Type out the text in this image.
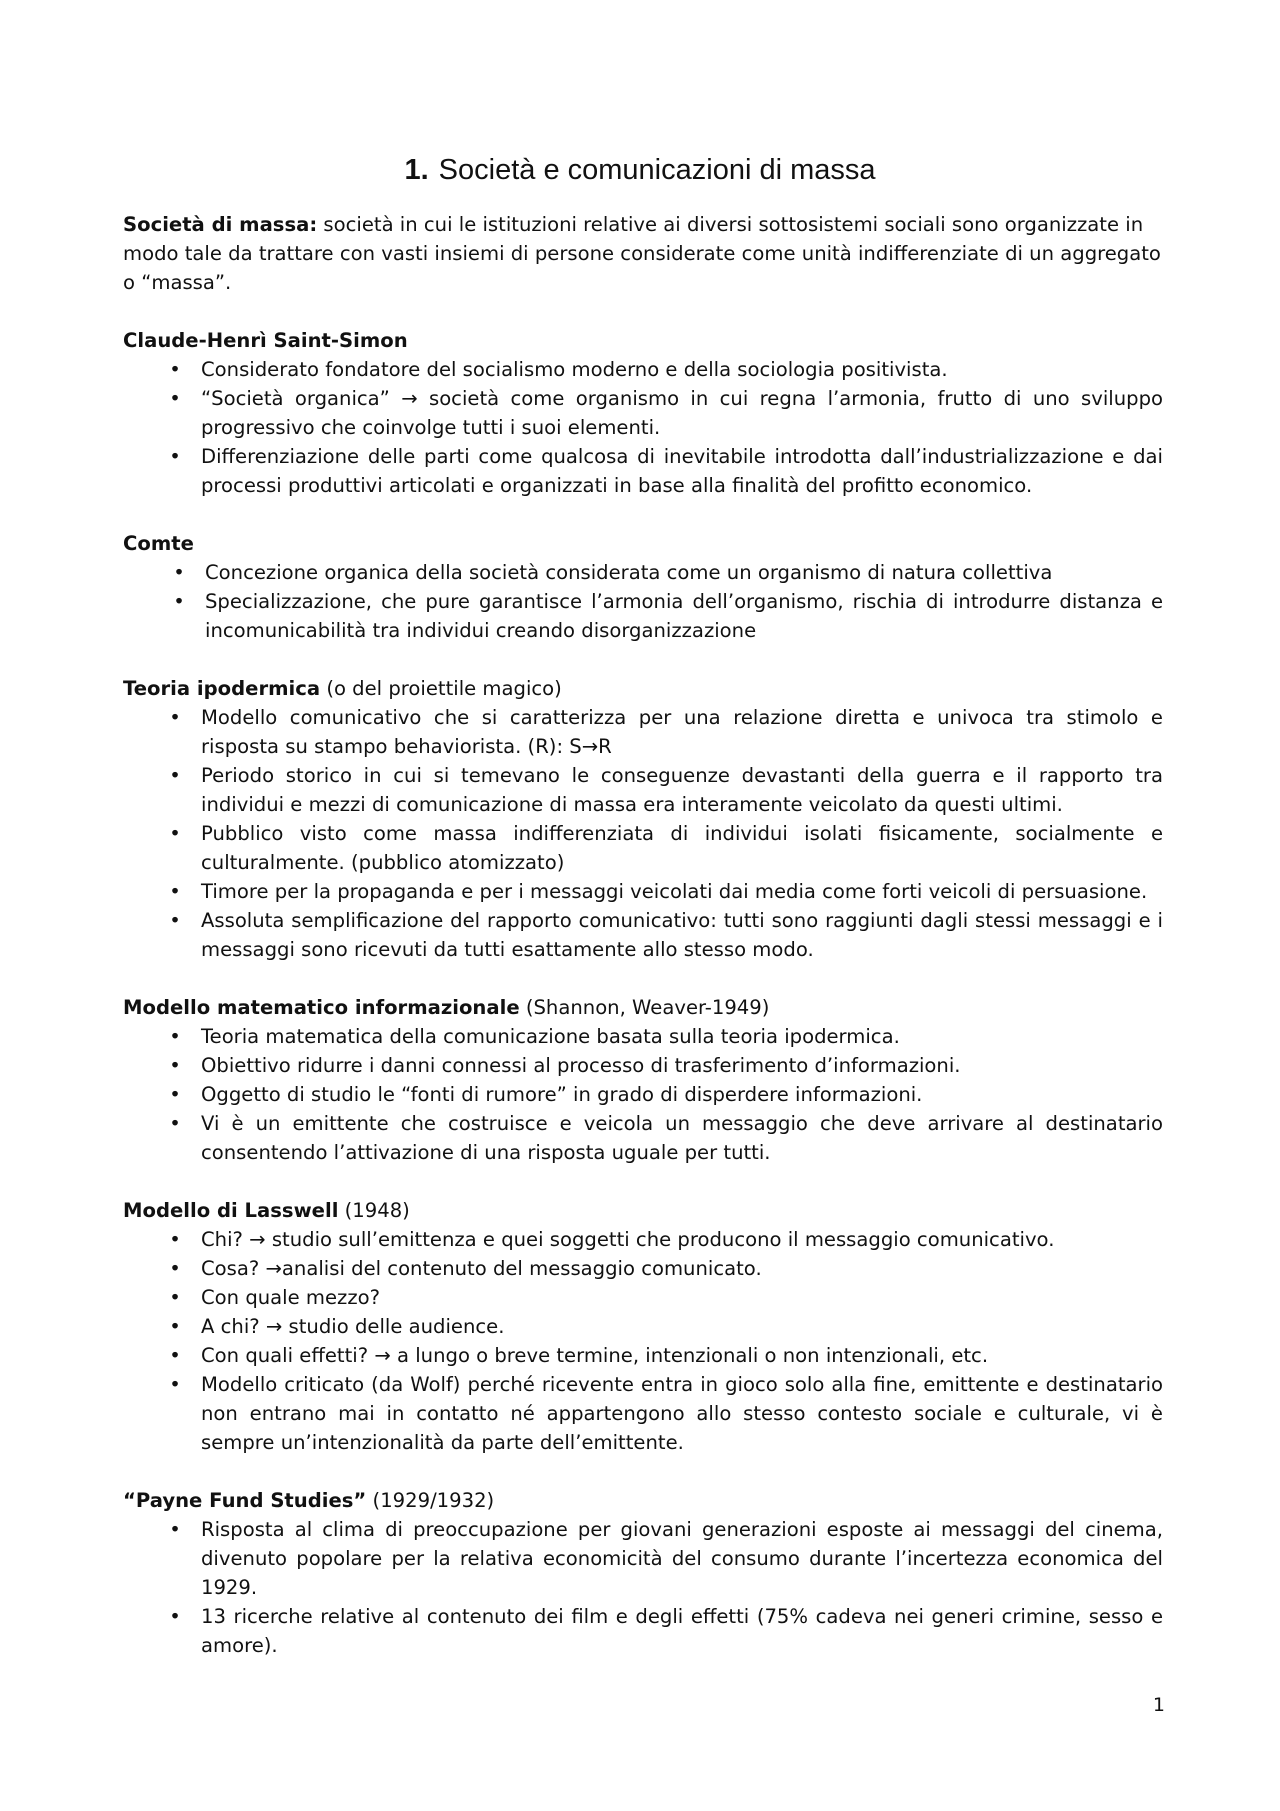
1. Società e comunicazioni di massa

Società di massa: società in cui le istituzioni relative ai diversi sottosistemi sociali sono organizzate in modo tale da trattare con vasti insiemi di persone considerate come unità indifferenziate di un aggregato o “massa”.

Claude-Henrì Saint-Simon

• Considerato fondatore del socialismo moderno e della sociologia positivista.
• “Società organica” → società come organismo in cui regna l’armonia, frutto di uno sviluppo progressivo che coinvolge tutti i suoi elementi.
• Differenziazione delle parti come qualcosa di inevitabile introdotta dall’industrializzazione e dai processi produttivi articolati e organizzati in base alla finalità del profitto economico.

Comte

• Concezione organica della società considerata come un organismo di natura collettiva
• Specializzazione, che pure garantisce l’armonia dell’organismo, rischia di introdurre distanza e incomunicabilità tra individui creando disorganizzazione

Teoria ipodermica (o del proiettile magico)

• Modello comunicativo che si caratterizza per una relazione diretta e univoca tra stimolo e risposta su stampo behaviorista. (R): S→R
• Periodo storico in cui si temevano le conseguenze devastanti della guerra e il rapporto tra individui e mezzi di comunicazione di massa era interamente veicolato da questi ultimi.
• Pubblico visto come massa indifferenziata di individui isolati fisicamente, socialmente e culturalmente. (pubblico atomizzato)
• Timore per la propaganda e per i messaggi veicolati dai media come forti veicoli di persuasione.
• Assoluta semplificazione del rapporto comunicativo: tutti sono raggiunti dagli stessi messaggi e i messaggi sono ricevuti da tutti esattamente allo stesso modo.

Modello matematico informazionale (Shannon, Weaver-1949)

• Teoria matematica della comunicazione basata sulla teoria ipodermica.
• Obiettivo ridurre i danni connessi al processo di trasferimento d’informazioni.
• Oggetto di studio le “fonti di rumore” in grado di disperdere informazioni.
• Vi è un emittente che costruisce e veicola un messaggio che deve arrivare al destinatario consentendo l’attivazione di una risposta uguale per tutti.

Modello di Lasswell (1948)

• Chi? → studio sull’emittenza e quei soggetti che producono il messaggio comunicativo.
• Cosa? →analisi del contenuto del messaggio comunicato.
• Con quale mezzo?
• A chi? → studio delle audience.
• Con quali effetti? → a lungo o breve termine, intenzionali o non intenzionali, etc.
• Modello criticato (da Wolf) perché ricevente entra in gioco solo alla fine, emittente e destinatario non entrano mai in contatto né appartengono allo stesso contesto sociale e culturale, vi è sempre un’intenzionalità da parte dell’emittente.

“Payne Fund Studies” (1929/1932)

• Risposta al clima di preoccupazione per giovani generazioni esposte ai messaggi del cinema, divenuto popolare per la relativa economicità del consumo durante l’incertezza economica del 1929.
• 13 ricerche relative al contenuto dei film e degli effetti (75% cadeva nei generi crimine, sesso e amore).
1
